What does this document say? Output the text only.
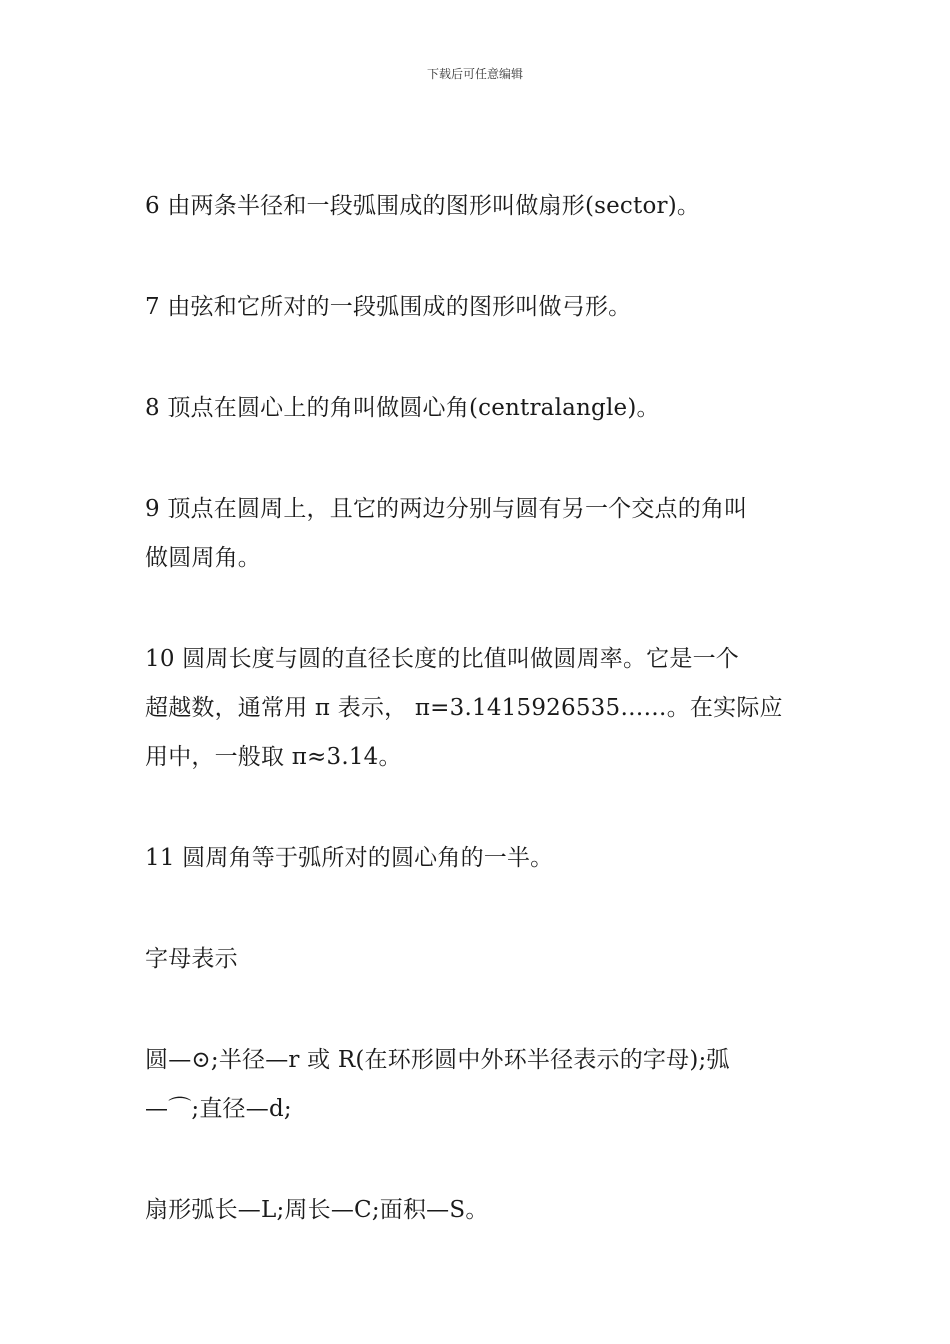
下载后可任意编辑

6 由两条半径和一段弧围成的图形叫做扇形(sector)。

7 由弦和它所对的一段弧围成的图形叫做弓形。

8 顶点在圆心上的角叫做圆心角(centralangle)。

9 顶点在圆周上，且它的两边分别与圆有另一个交点的角叫
做圆周角。

10 圆周长度与圆的直径长度的比值叫做圆周率。它是一个
超越数，通常用 π 表示， π=3.1415926535……。在实际应
用中，一般取 π≈3.14。

11 圆周角等于弧所对的圆心角的一半。

字母表示

圆—⊙;半径—r 或 R(在环形圆中外环半径表示的字母);弧
—⌒;直径—d;

扇形弧长—L;周长—C;面积—S。
